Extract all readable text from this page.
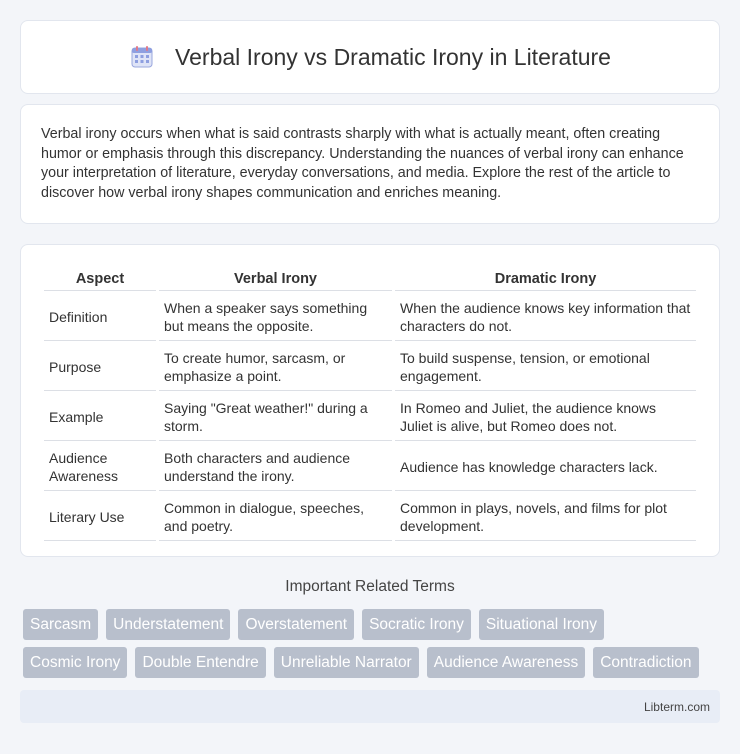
Verbal Irony vs Dramatic Irony in Literature

Verbal irony occurs when what is said contrasts sharply with what is actually meant, often creating humor or emphasis through this discrepancy. Understanding the nuances of verbal irony can enhance your interpretation of literature, everyday conversations, and media. Explore the rest of the article to discover how verbal irony shapes communication and enriches meaning.

Aspect	Verbal Irony	Dramatic Irony
Definition	When a speaker says something but means the opposite.	When the audience knows key information that characters do not.
Purpose	To create humor, sarcasm, or emphasize a point.	To build suspense, tension, or emotional engagement.
Example	Saying "Great weather!" during a storm.	In Romeo and Juliet, the audience knows Juliet is alive, but Romeo does not.
Audience Awareness	Both characters and audience understand the irony.	Audience has knowledge characters lack.
Literary Use	Common in dialogue, speeches, and poetry.	Common in plays, novels, and films for plot development.
Important Related Terms
Sarcasm	Understatement	Overstatement	Socratic Irony	Situational Irony
Cosmic Irony	Double Entendre	Unreliable Narrator	Audience Awareness	Contradiction
Libterm.com
